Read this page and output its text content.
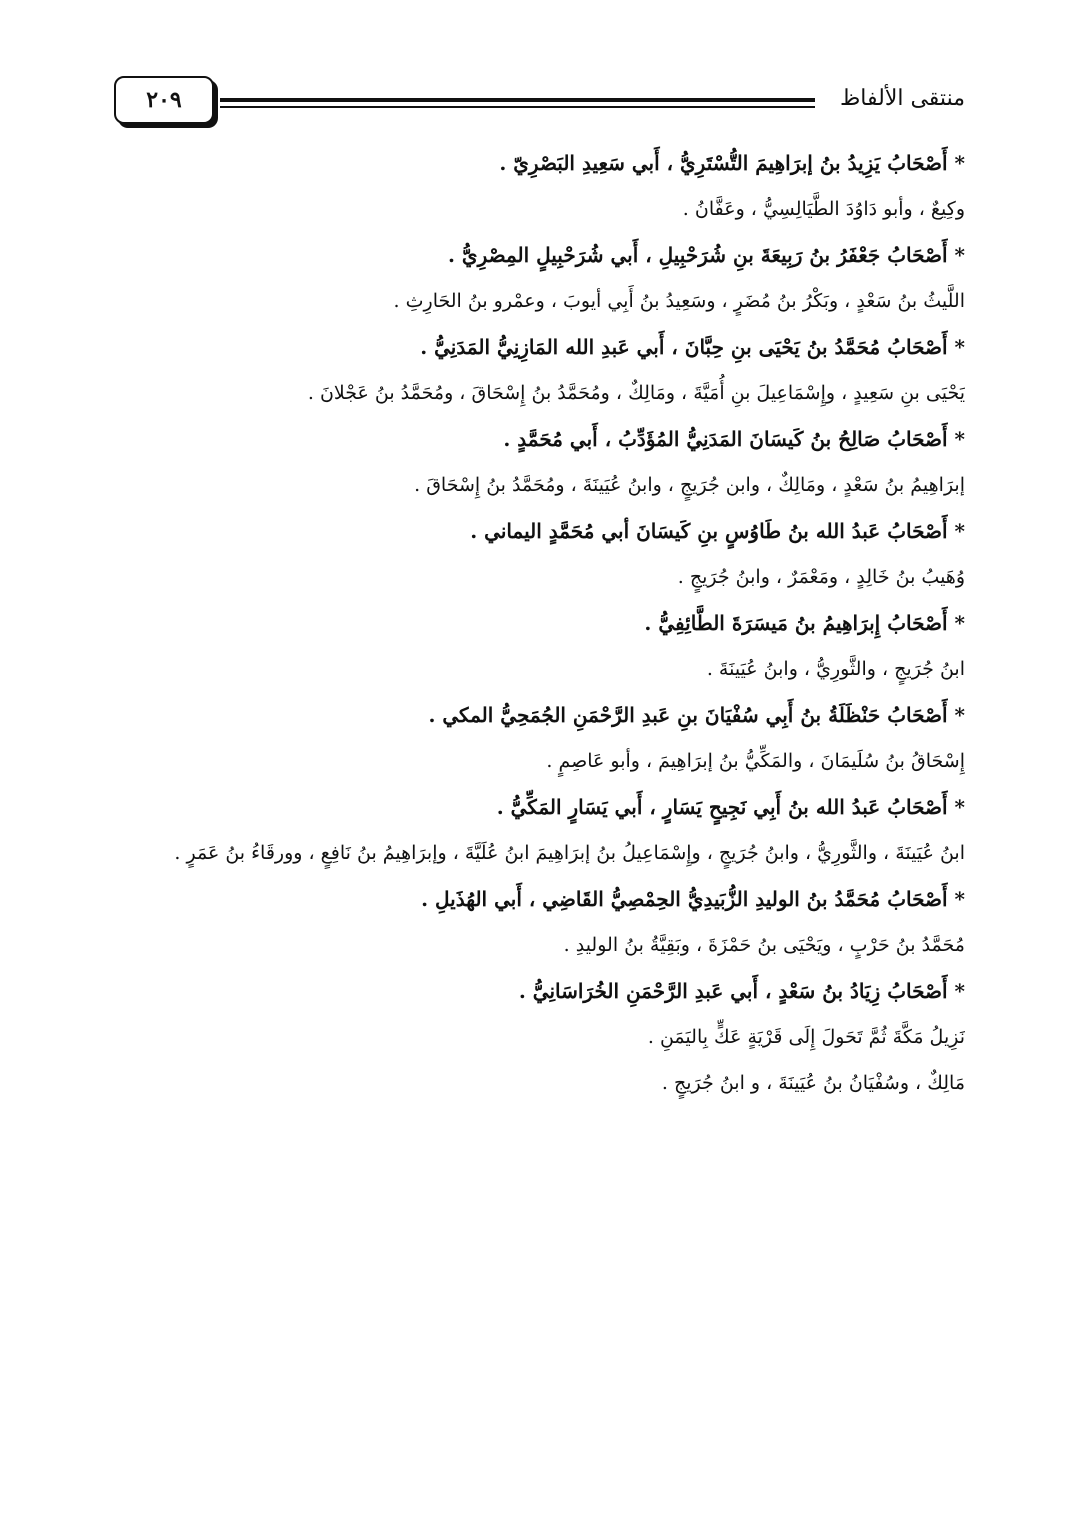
منتقى الألفاظ
٢٠٩
* أَصْحَابُ يَزِيدُ بنُ إبرَاهِيمَ التُّسْتَرِيُّ ، أَبي سَعِيدِ البَصْرِيّ .
وكِيعٌ ، وأبو دَاوُدَ الطَّيَالِسِيُّ ، وعَفَّانُ .
* أَصْحَابُ جَعْفَرُ بنُ رَبِيعَةَ بنِ شُرَحْبِيلِ ، أَبي شُرَحْبِيلٍ المِصْرِيُّ .
اللَّيثُ بنُ سَعْدٍ ، وبَكْرُ بنُ مُضَرٍ ، وسَعِيدُ بنُ أَبِي أيوبَ ، وعمْرو بنُ الحَارِثِ .
* أَصْحَابُ مُحَمَّدُ بنُ يَحْيَى بنِ حِبَّانَ ، أَبي عَبدِ الله المَازِنِيُّ المَدَنِيُّ .
يَحْيَى بنِ سَعِيدٍ ، وإِسْمَاعِيلَ بنِ أُمَيَّةَ ، ومَالِكٌ ، ومُحَمَّدُ بنُ إِسْحَاقَ ، ومُحَمَّدُ بنُ عَجْلانَ .
* أَصْحَابُ صَالِحُ بنُ كَيسَانَ المَدَنِيُّ المُؤَدِّبُ ، أَبي مُحَمَّدٍ .
إبرَاهِيمُ بنُ سَعْدٍ ، ومَالِكٌ ، وابن جُرَيجٍ ، وابنُ عُيَينَةَ ، ومُحَمَّدُ بنُ إِسْحَاقَ .
* أَصْحَابُ عَبدُ الله بنُ طَاوُسٍ بنِ كَيسَانَ أبي مُحَمَّدٍ اليماني .
وُهَيبُ بنُ خَالِدٍ ، ومَعْمَرٌ ، وابنُ جُرَيجٍ .
* أَصْحَابُ إِبرَاهِيمُ بنُ مَيسَرَةَ الطَّائِفِيُّ .
ابنُ جُرَيجٍ ، والثَّورِيُّ ، وابنُ عُيَينَةَ .
* أَصْحَابُ حَنْظَلَةُ بنُ أَبِي سُفْيَانَ بنِ عَبدِ الرَّحْمَنِ الجُمَحِيُّ المكي .
إِسْحَاقُ بنُ سُلَيمَانَ ، والمَكِّيُّ بنُ إبرَاهِيمَ ، وأبو عَاصِمٍ .
* أَصْحَابُ عَبدُ الله بنُ أَبِي نَجِيحٍ يَسَارٍ ، أَبي يَسَارٍ المَكِّيُّ .
ابنُ عُيَينَةَ ، والثَّورِيُّ ، وابنُ جُرَيجٍ ، وإِسْمَاعِيلُ بنُ إبرَاهِيمَ ابنُ عُلَيَّةَ ، وإبرَاهِيمُ بنُ نَافِعٍ ، وورقَاءُ بنُ عَمَرٍ .
* أَصْحَابُ مُحَمَّدُ بنُ الوليدِ الزُّبَيدِيُّ الحِمْصِيُّ القَاضِي ، أَبي الهُذَيلِ .
مُحَمَّدُ بنُ حَرْبٍ ، ويَحْيَى بنُ حَمْزَةَ ، وبَقِيَّةُ بنُ الوليدِ .
* أَصْحَابُ زِيَادُ بنُ سَعْدٍ ، أَبي عَبدِ الرَّحْمَنِ الخُرَاسَانِيُّ .
نَزِيلُ مَكَّةَ ثُمَّ تَحَولَ إِلَى قَرْيَةٍ عَكٍّ بِاليَمَنِ .
مَالِكٌ ، وسُفْيَانُ بنُ عُيَينَةَ ، و ابنُ جُرَيجٍ .
